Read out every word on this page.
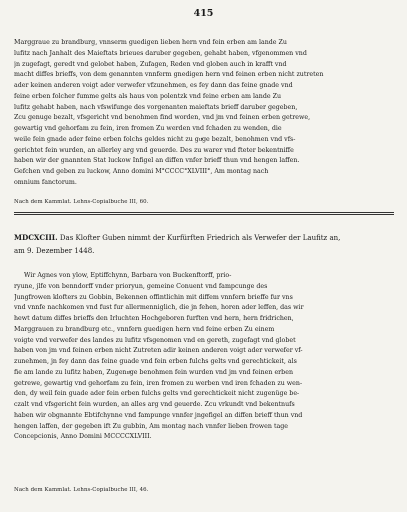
415
Marggraue zu brandburg, vnnserm guedigen lieben hern vnd fein erben am lande Zu
lufitz nach Janhalt des Maieftats brieues daruber gegeben, gehabt haben, vfgenommen vnd
jn zugefagt, geredt vnd gelobet haben, Zufagen, Reden vnd globen auch in krafft vnd
macht diffes brieffs, von dem genannten vnnferm gnedigen hern vnd feinen erben nicht zutreten
ader keinen anderen voigt ader verwefer vfzunehmen, es fey dann das feine gnade vnd
feine erben folcher fumme gelts als haus von polentzk vnd feine erben am lande Zu
lufitz gehabt haben, nach vfswifunge des vorgenanten maieftats brieff daruber gegeben,
Zcu genuge bezalt, vfsgericht vnd benohmen find worden, vnd jm vnd feinen erben getrewe,
gewartig vnd gehorfam zu fein, iren fromen Zu werden vnd fchaden zu wenden, die
weile fein gnade ader feine erben folchs geldes nicht zu guͤge bezalt, benohmen vnd vfs-
gerichtet fein wurden, an allerley arg vnd geuerde. Des zu warer vnd fteter bekentniffe
haben wir der gnannten Stat luckow Infigel an diffen vnfer brieff thun vnd hengen laffen.
Gefchen vnd geben zu luckow, Anno domini M°CCCC°XLVIII°, Am montag nach
omnium fanctorum.
Nach dem Kammlat. Lehns-Copialbuche III, 60.
MDCXCIII. Das Klofter Guben nimmt der Kurfürften Friedrich als Verwefer der Laufitz an,
am 9. Dezember 1448.
Wir Agnes von ylow, Eptiffchynn, Barbara von Buckenftorff, prio-
ryune, jlfe von benndorff vnder prioryun, gemeine Conuent vnd fampcunge des
Jungfrowen klofters zu Gobbin, Bekennen offintlichin mit diffem vnnfern brieffe fur vns
vnd vnnfe nachkomen vnd fust fur allermenniglich, die jn fehen, horen ader leffen, das wir
hewt datum diffes brieffs den Irluchten Hochgeboren furften vnd hern, hern fridrichen,
Marggrauen zu brandburg etc., vnnfern guedigen hern vnd feine erben Zu einem
voigte vnd verwefer des landes zu lufitz vfsgenomen vnd en gereth, zugefagt vnd globet
haben von jm vnd feinen erben nicht Zutreten adir keinen anderen voigt ader verwefer vf-
zunehmen, jn fey dann das feine guade vnd fein erben fulchs gelts vnd gerechtickeit, als
fie am lande zu lufitz haben, Zugenuͤge benohmen fein wurden vnd jm vnd feinen erben
getrewe, gewartig vnd gehorfam zu fein, iren fromen zu werben vnd iren fchaden zu wen-
den, dy weil fein guade ader fein erben fulchs gelts vnd gerechtickeit nicht zugenüge be-
czalt vnd vfsgericht fein wurden, an alles arg vnd geuerde. Zcu vrkundt vnd bekentnufs
haben wir obgnannte Ebtifchynne vnd fampunge vnnfer jngefigel an diffen brieff thun vnd
hengen laffen, der gegeben ift Zu gubbin, Am montag nach vnnfer lieben frowen tage
Concepcionis, Anno Domini MCCCCXLVIII.
Nach dem Kammlat. Lehns-Copialbuche III, 46.
